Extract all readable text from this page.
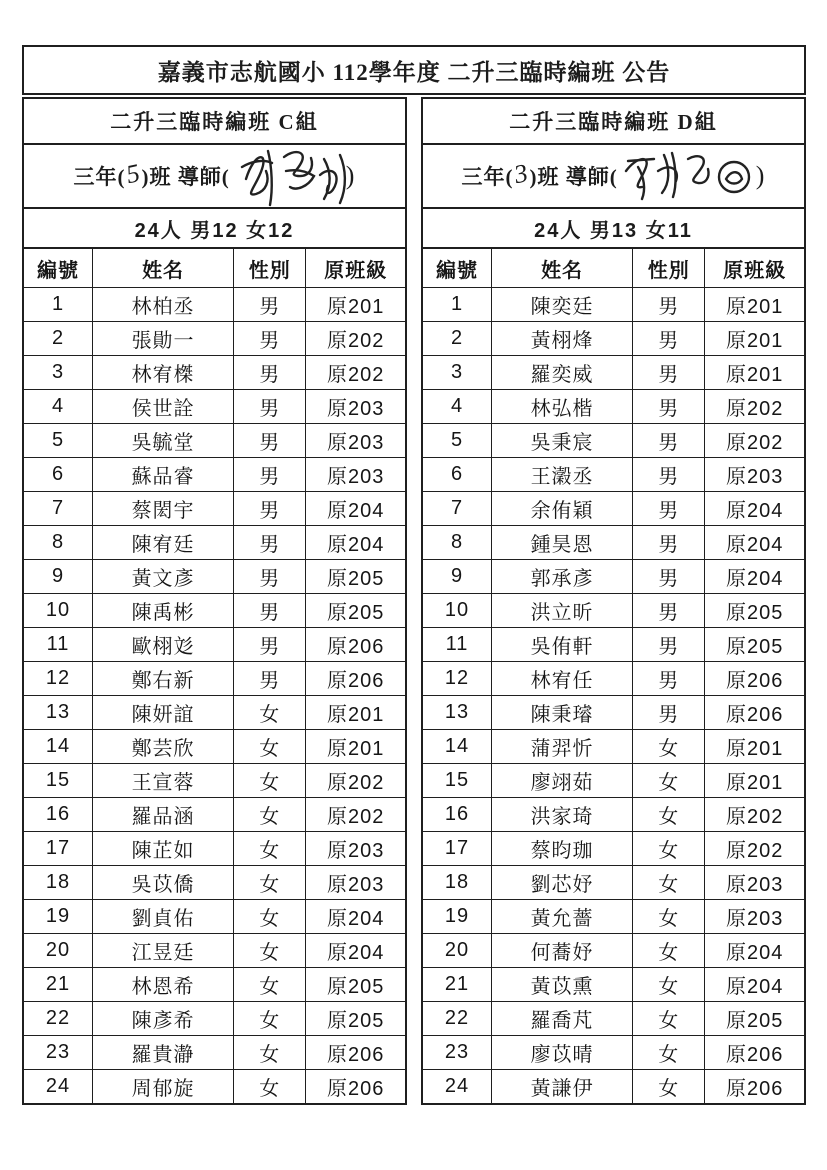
嘉義市志航國小 112學年度 二升三臨時編班 公告
二升三臨時編班 C組
三年(
5
)班 導師(	)
24人 男12 女12
編號	姓名	性別	原班級
1	林柏丞	男	原201
2	張勛一	男	原202
3	林宥榤	男	原202
4	侯世詮	男	原203
5	吳毓堂	男	原203
6	蘇品睿	男	原203
7	蔡閎宇	男	原204
8	陳宥廷	男	原204
9	黃文彥	男	原205
10	陳禹彬	男	原205
11	歐栩彣	男	原206
12	鄭右新	男	原206
13	陳妍誼	女	原201
14	鄭芸欣	女	原201
15	王宣蓉	女	原202
16	羅品涵	女	原202
17	陳芷如	女	原203
18	吳苡僑	女	原203
19	劉貞佑	女	原204
20	江昱廷	女	原204
21	林恩希	女	原205
22	陳彥希	女	原205
23	羅貴瀞	女	原206
24	周郁旋	女	原206
二升三臨時編班 D組
三年(
3
)班 導師(	)
24人 男13 女11
編號	姓名	性別	原班級
1	陳奕廷	男	原201
2	黃栩烽	男	原201
3	羅奕威	男	原201
4	林弘楷	男	原202
5	吳秉宸	男	原202
6	王瀔丞	男	原203
7	余侑穎	男	原204
8	鍾昊恩	男	原204
9	郭承彥	男	原204
10	洪立昕	男	原205
11	吳侑軒	男	原205
12	林宥任	男	原206
13	陳秉璿	男	原206
14	蒲羿忻	女	原201
15	廖翊茹	女	原201
16	洪家琦	女	原202
17	蔡昀珈	女	原202
18	劉芯妤	女	原203
19	黃允薔	女	原203
20	何蕎妤	女	原204
21	黃苡熏	女	原204
22	羅喬芃	女	原205
23	廖苡晴	女	原206
24	黃謙伊	女	原206
